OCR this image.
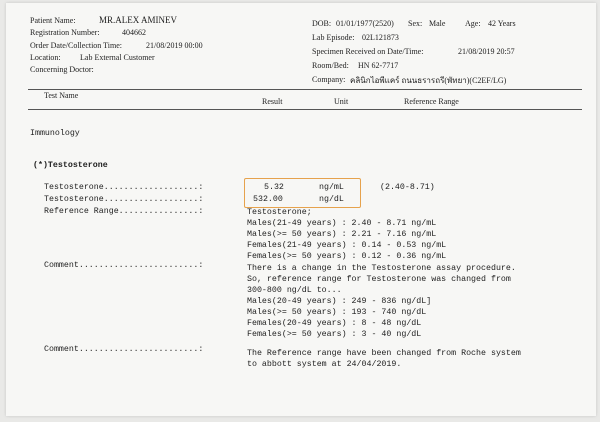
Patient Name:	MR.ALEX AMINEV
Registration Number:	404662
Order Date/Collection Time:	21/08/2019 00:00
Location: Lab External Customer
Concerning Doctor:
DOB: 01/01/1977(2520) Sex: Male Age: 42 Years
Lab Episode: 02L121873
Specimen Received on Date/Time:	21/08/2019 20:57
Room/Bed: HN 62-7717
Company: คลินิกไอพีแคร์ ถนนธรารถรี(พัทยา)(C2EF/LG)
Test Name
Result	Unit	Reference Range
Immunology
(*)Testosterone
Testosterone...................:	5.32	ng/mL	(2.40-8.71)
Testosterone...................:	532.00	ng/dL
Reference Range................:	Testosterone;
Males(21-49 years) : 2.40 - 8.71 ng/mL
Males(>= 50 years) : 2.21 - 7.16 ng/mL
Females(21-49 years) : 0.14 - 0.53 ng/mL
Females(>= 50 years) : 0.12 - 0.36 ng/mL
Comment........................:	There is a change in the Testosterone assay procedure.
So, reference range for Testosterone was changed from
300-800 ng/dL to...
Males(20-49 years) : 249 - 836 ng/dL]
Males(>= 50 years) : 193 - 740 ng/dL
Females(20-49 years) : 8 - 48 ng/dL
Females(>= 50 years) : 3 - 40 ng/dL
Comment........................:	The Reference range have been changed from Roche system
to abbott system at 24/04/2019.
